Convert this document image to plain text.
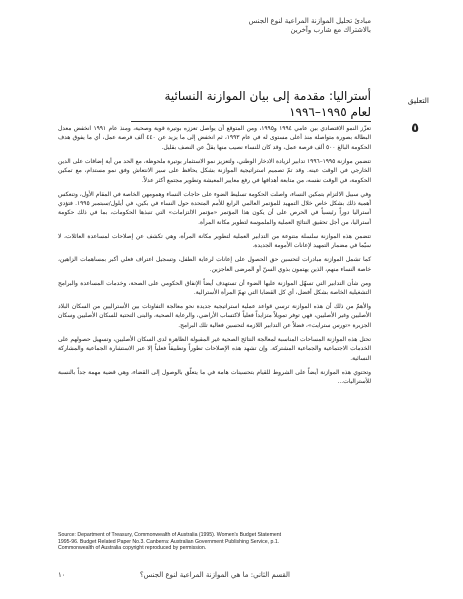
مبادئ تحليل الموازنة المراعية لنوع الجنس
بالاشتراك مع شارب وآخرين
التعليق
٥
أستراليا: مقدمة إلى بيان الموازنة النسائية
لعام ١٩٩٥–١٩٩٦

تعزّز النمو الاقتصادي بين عامي ١٩٩٤ و١٩٩٥، ومن المتوقع أن يواصل تعززه بوتيرة قوية وصحية، ومنذ عام ١٩٩١ انخفض معدل البطالة بصورة متواصلة منذ أعلى مستوى له في عام ١٩٩٣، ثم انخفض إلى ما يزيد عن ٤٤٠ ألف فرصة عمل، أي ما يفوق هدف الحكومة البالغ ٥٠٠ ألف فرصة عمل، وقد كان للنساء نصيب منها يقلّ عن النصف بقليل.

تتضمن موازنة ١٩٩٥–١٩٩٦ تدابير لزيادة الادخار الوطني، ولتعزيز نمو الاستثمار بوتيرة ملحوظة، مع الحد من أية إضافات على الدين الخارجي في الوقت عينه. وقد تمّ تصميم استراتيجية الموازنة بشكل يحافظ على سير الانتعاش وفق نمو مستدام، مع تمكين الحكومة، في الوقت نفسه، من متابعة أهدافها في رفع معايير المعيشة وتطوير مجتمع أكثر عدلاً.

وفي سبيل الالتزام بتمكين النساء، واصلت الحكومة تسليط الضوء على حاجات النساء وهمومهن الخاصة في المقام الأول، وتنعكس أهمية ذلك بشكل خاص خلال التمهيد للمؤتمر العالمي الرابع للأمم المتحدة حول النساء في بكين، في أيلول/سبتمبر ١٩٩٥. فتؤدي أستراليا دوراً رئيسياً في الحرص على أن يكون هذا المؤتمر «مؤتمر الالتزامات» التي تنبذها الحكومات، بما في ذلك حكومة أستراليا، من أجل تحقيق النتائج العملية والملموسة لتطوير مكانة المرأة.

تتضمن هذه الموازنة سلسلة متنوعة من التدابير العملية لتطوير مكانة المرأة، وهي تكشف عن إصلاحات لمساعدة العائلات، لا سيّما في مضمار التمهيد لإعانات الأمومة الجديدة.

كما تشمل الموازنة مبادرات لتحسين حق الحصول على إعانات لرعاية الطفل، وتسجيل اعتراف فعلي أكبر بمساهمات الزاهين، خاصة النساء منهم، الذين يهتمون بذوي السنّ أو المرضى العاجزين.

ومن شأن التدابير التي تسهّل الموازنة عليها الضوء أن تستهدف أيضاً الإنفاق الحكومي على الصحة، وخدمات المساعدة والبرامج التشغيلية الخاصة بشكل أفضل، أي كل القضايا التي تهمّ المرأة الأسترالية.

والأهمّ من ذلك أن هذه الموازنة ترسي قواعد عملية استراتيجية جديدة نحو معالجة التفاوتات بين الأستراليين من السكان البلاد الأصليين وغير الأصليين، فهي توفر تمويلاً متزايداً فعلياً لاكتساب الأراضي، والرعاية الصحية، والبنى التحتية للسكان الأصليين وسكان الجزيرة «تورس سترايت»، فضلاً عن التدابير اللازمة لتحسين فعالية تلك البرامج.

تحتل هذه الموازنة المساحات المناسبة لمعالجة النتائج الصحية غير المقبولة الظاهرة لدى السكان الأصليين، وتسهيل حصولهم على الخدمات الاجتماعية والجماعية المشتركة. وإن تشهد هذه الإصلاحات تطوراً وتطبيقاً فعلياً إلا عبر الاستشارة الجماعية والمشاركة النسائية.

وتحتوي هذه الموازنة أيضاً على الشروط للقيام بتحسينات هامة في ما يتعلّق بالوصول إلى القضاء، وهي قضية مهمة جداً بالنسبة للأستراليات...

Source: Department of Treasury, Commonwealth of Australia (1995). Women's Budget Statement
1995-96. Budget Related Paper No.3. Canberra: Australian Government Publishing Service, p.1.
Commonwealth of Australia copyright reproduced by permission.
القسم الثاني: ما هي الموازنة المراعية لنوع الجنس؟
١٠
